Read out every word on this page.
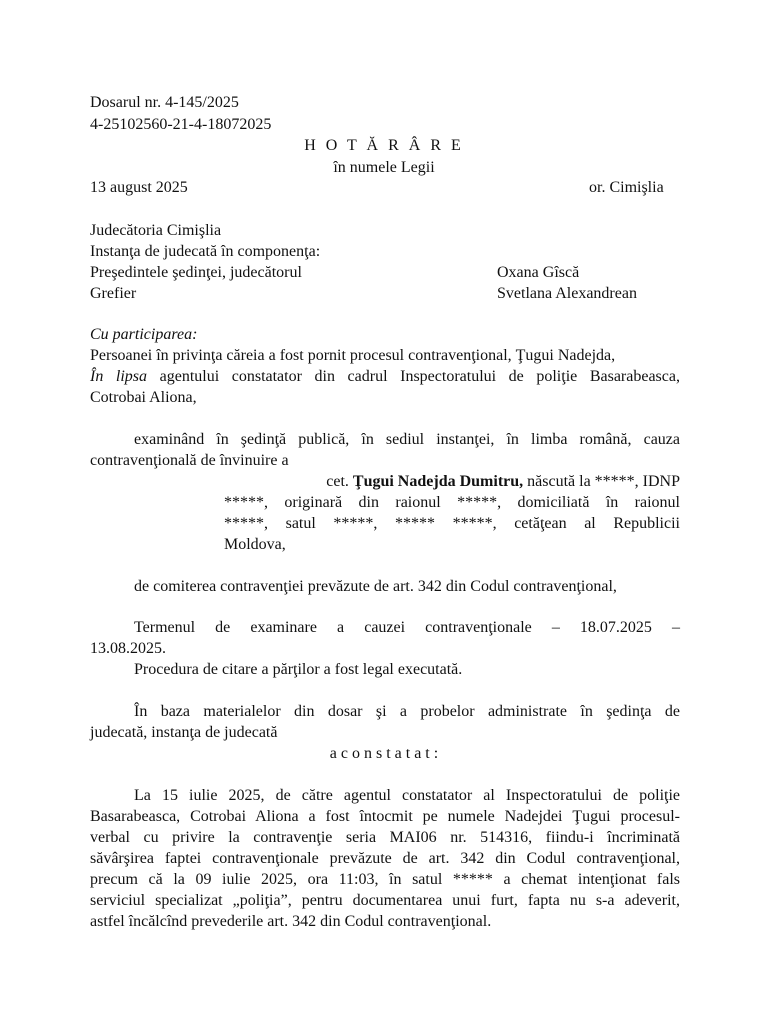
Dosarul nr. 4-145/2025
4-25102560-21-4-18072025
H O T Ă R Â R E
în numele Legii
13 august 2025	or. Cimişlia
Judecătoria Cimişlia
Instanţa de judecată în componenţa:
Preşedintele şedinţei, judecătorul	Oxana Gîscă
Grefier	Svetlana Alexandrean
Cu participarea:
Persoanei în privinţa căreia a fost pornit procesul contravenţional, Ţugui Nadejda,
În lipsa agentului constatator din cadrul Inspectoratului de poliţie Basarabeasca,
Cotrobai Aliona,
examinând în şedinţă publică, în sediul instanţei, în limba română, cauza
contravenţională de învinuire a
cet. Ţugui Nadejda Dumitru, născută la *****, IDNP
*****, originară din raionul *****, domiciliată în raionul
*****, satul *****, ***** *****, cetăţean al Republicii
Moldova,
de comiterea contravenţiei prevăzute de art. 342 din Codul contravenţional,
Termenul de examinare a cauzei contravenţionale – 18.07.2025 –
13.08.2025.
Procedura de citare a părţilor a fost legal executată.
În baza materialelor din dosar şi a probelor administrate în şedinţa de
judecată, instanţa de judecată
a c o n s t a t a t :
La 15 iulie 2025, de către agentul constatator al Inspectoratului de poliţie
Basarabeasca, Cotrobai Aliona a fost întocmit pe numele Nadejdei Ţugui procesul-
verbal cu privire la contravenţie seria MAI06 nr. 514316, fiindu-i încriminată
săvârşirea faptei contravenţionale prevăzute de art. 342 din Codul contravenţional,
precum că la 09 iulie 2025, ora 11:03, în satul ***** a chemat intenţionat fals
serviciul specializat „poliţia”, pentru documentarea unui furt, fapta nu s-a adeverit,
astfel încălcînd prevederile art. 342 din Codul contravenţional.
